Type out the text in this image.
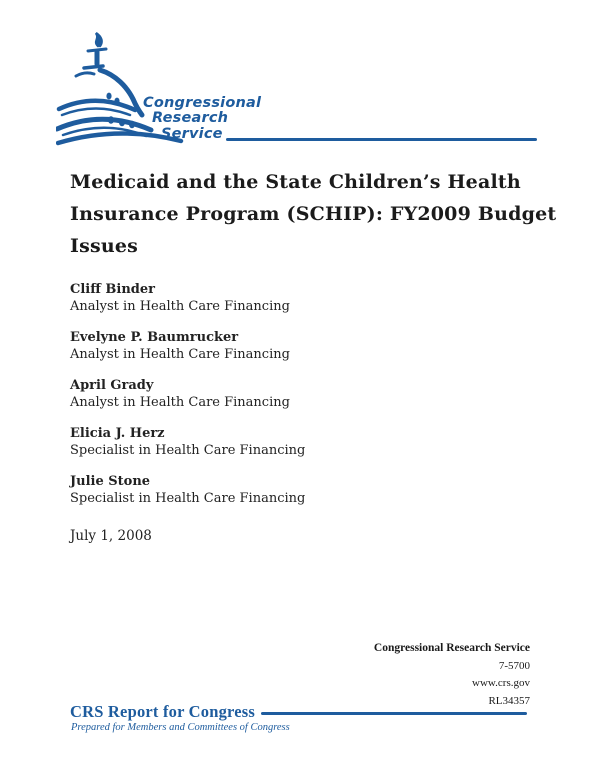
Congressional
Research
Service
Medicaid and the State Children’s Health
Insurance Program (SCHIP): FY2009 Budget
Issues
Cliff Binder
Analyst in Health Care Financing
Evelyne P. Baumrucker
Analyst in Health Care Financing
April Grady
Analyst in Health Care Financing
Elicia J. Herz
Specialist in Health Care Financing
Julie Stone
Specialist in Health Care Financing
July 1, 2008
Congressional Research Service
7-5700
www.crs.gov
RL34357
CRS Report for Congress
Prepared for Members and Committees of Congress
